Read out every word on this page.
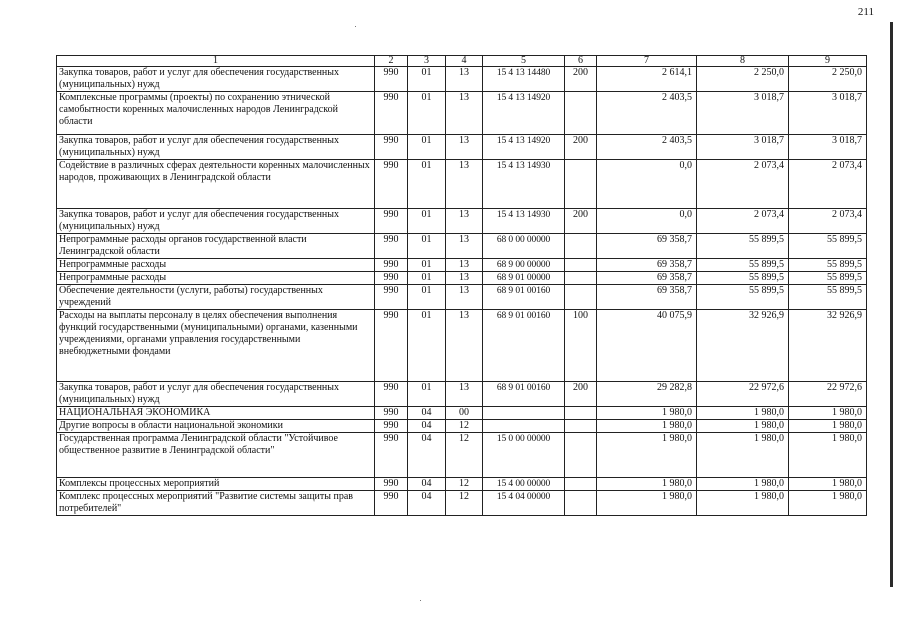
211
1	2	3	4	5	6	7	8	9
Закупка товаров, работ и услуг для обеспечения государственных (муниципальных) нужд	990	01	13	15 4 13 14480	200	2 614,1	2 250,0	2 250,0
Комплексные программы (проекты) по сохранению этнической самобытности коренных малочисленных народов Ленинградской области	990	01	13	15 4 13 14920		2 403,5	3 018,7	3 018,7
Закупка товаров, работ и услуг для обеспечения государственных (муниципальных) нужд	990	01	13	15 4 13 14920	200	2 403,5	3 018,7	3 018,7
Содействие в различных сферах деятельности коренных малочисленных народов, проживающих в Ленинградской области	990	01	13	15 4 13 14930		0,0	2 073,4	2 073,4
Закупка товаров, работ и услуг для обеспечения государственных (муниципальных) нужд	990	01	13	15 4 13 14930	200	0,0	2 073,4	2 073,4
Непрограммные расходы органов государственной власти Ленинградской области	990	01	13	68 0 00 00000		69 358,7	55 899,5	55 899,5
Непрограммные расходы	990	01	13	68 9 00 00000		69 358,7	55 899,5	55 899,5
Непрограммные расходы	990	01	13	68 9 01 00000		69 358,7	55 899,5	55 899,5
Обеспечение деятельности (услуги, работы) государственных учреждений	990	01	13	68 9 01 00160		69 358,7	55 899,5	55 899,5
Расходы на выплаты персоналу в целях обеспечения выполнения функций государственными (муниципальными) органами, казенными учреждениями, органами управления государственными внебюджетными фондами	990	01	13	68 9 01 00160	100	40 075,9	32 926,9	32 926,9
Закупка товаров, работ и услуг для обеспечения государственных (муниципальных) нужд	990	01	13	68 9 01 00160	200	29 282,8	22 972,6	22 972,6
НАЦИОНАЛЬНАЯ ЭКОНОМИКА	990	04	00			1 980,0	1 980,0	1 980,0
Другие вопросы в области национальной экономики	990	04	12			1 980,0	1 980,0	1 980,0
Государственная программа Ленинградской области "Устойчивое общественное развитие в Ленинградской области"	990	04	12	15 0 00 00000		1 980,0	1 980,0	1 980,0
Комплексы процессных мероприятий	990	04	12	15 4 00 00000		1 980,0	1 980,0	1 980,0
Комплекс процессных мероприятий "Развитие системы защиты прав потребителей"	990	04	12	15 4 04 00000		1 980,0	1 980,0	1 980,0
